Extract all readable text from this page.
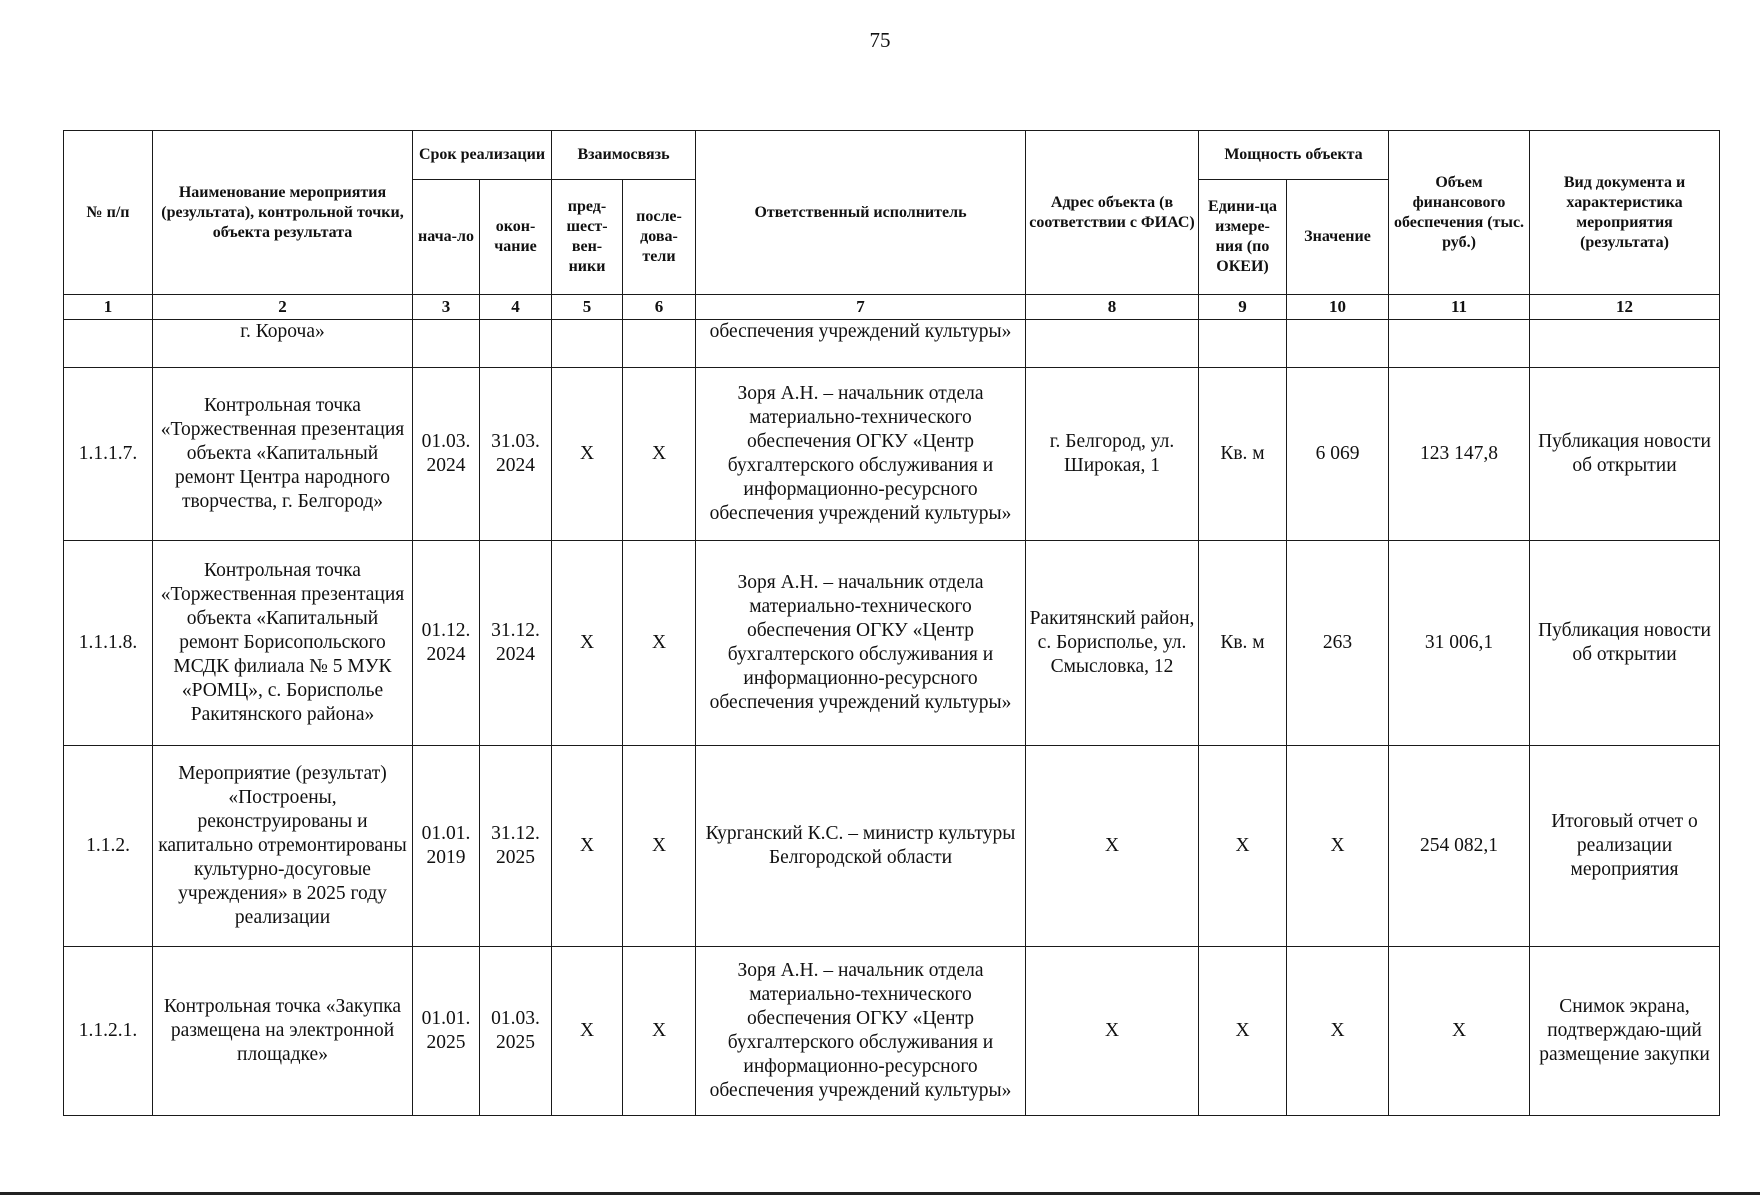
75
№ п/п	Наименование мероприятия (результата), контрольной точки, объекта результата	Срок реализации		Взаимосвязь		Ответственный исполнитель	Адрес объекта (в соответствии с ФИАС)	Мощность объекта		Объем финансового обеспечения (тыс. руб.)	Вид документа и характеристика мероприятия (результата)
		нача-ло	окон-чание	пред-шест-вен-ники	после-дова-тели			Едини-ца измере-ния (по ОКЕИ)	Значение		
1	2	3	4	5	6	7	8	9	10	11	12
	г. Короча»					обеспечения учреждений культуры»					
1.1.1.7.	Контрольная точка «Торжественная презентация объекта «Капитальный ремонт Центра народного творчества, г. Белгород»	01.03. 2024	31.03. 2024	X	X	Зоря А.Н. – начальник отдела материально-технического обеспечения ОГКУ «Центр бухгалтерского обслуживания и информационно-ресурсного обеспечения учреждений культуры»	г. Белгород, ул. Широкая, 1	Кв. м	6 069	123 147,8	Публикация новости об открытии
1.1.1.8.	Контрольная точка «Торжественная презентация объекта «Капитальный ремонт Борисопольского МСДК филиала № 5 МУК «РОМЦ», с. Борисполье Ракитянского района»	01.12. 2024	31.12. 2024	X	X	Зоря А.Н. – начальник отдела материально-технического обеспечения ОГКУ «Центр бухгалтерского обслуживания и информационно-ресурсного обеспечения учреждений культуры»	Ракитянский район, с. Борисполье, ул. Смысловка, 12	Кв. м	263	31 006,1	Публикация новости об открытии
1.1.2.	Мероприятие (результат) «Построены, реконструированы и капитально отремонтированы культурно-досуговые учреждения» в 2025 году реализации	01.01. 2019	31.12. 2025	X	X	Курганский К.С. – министр культуры Белгородской области	X	X	X	254 082,1	Итоговый отчет о реализации мероприятия
1.1.2.1.	Контрольная точка «Закупка размещена на электронной площадке»	01.01. 2025	01.03. 2025	X	X	Зоря А.Н. – начальник отдела материально-технического обеспечения ОГКУ «Центр бухгалтерского обслуживания и информационно-ресурсного обеспечения учреждений культуры»	X	X	X	X	Снимок экрана, подтверждаю-щий размещение закупки
